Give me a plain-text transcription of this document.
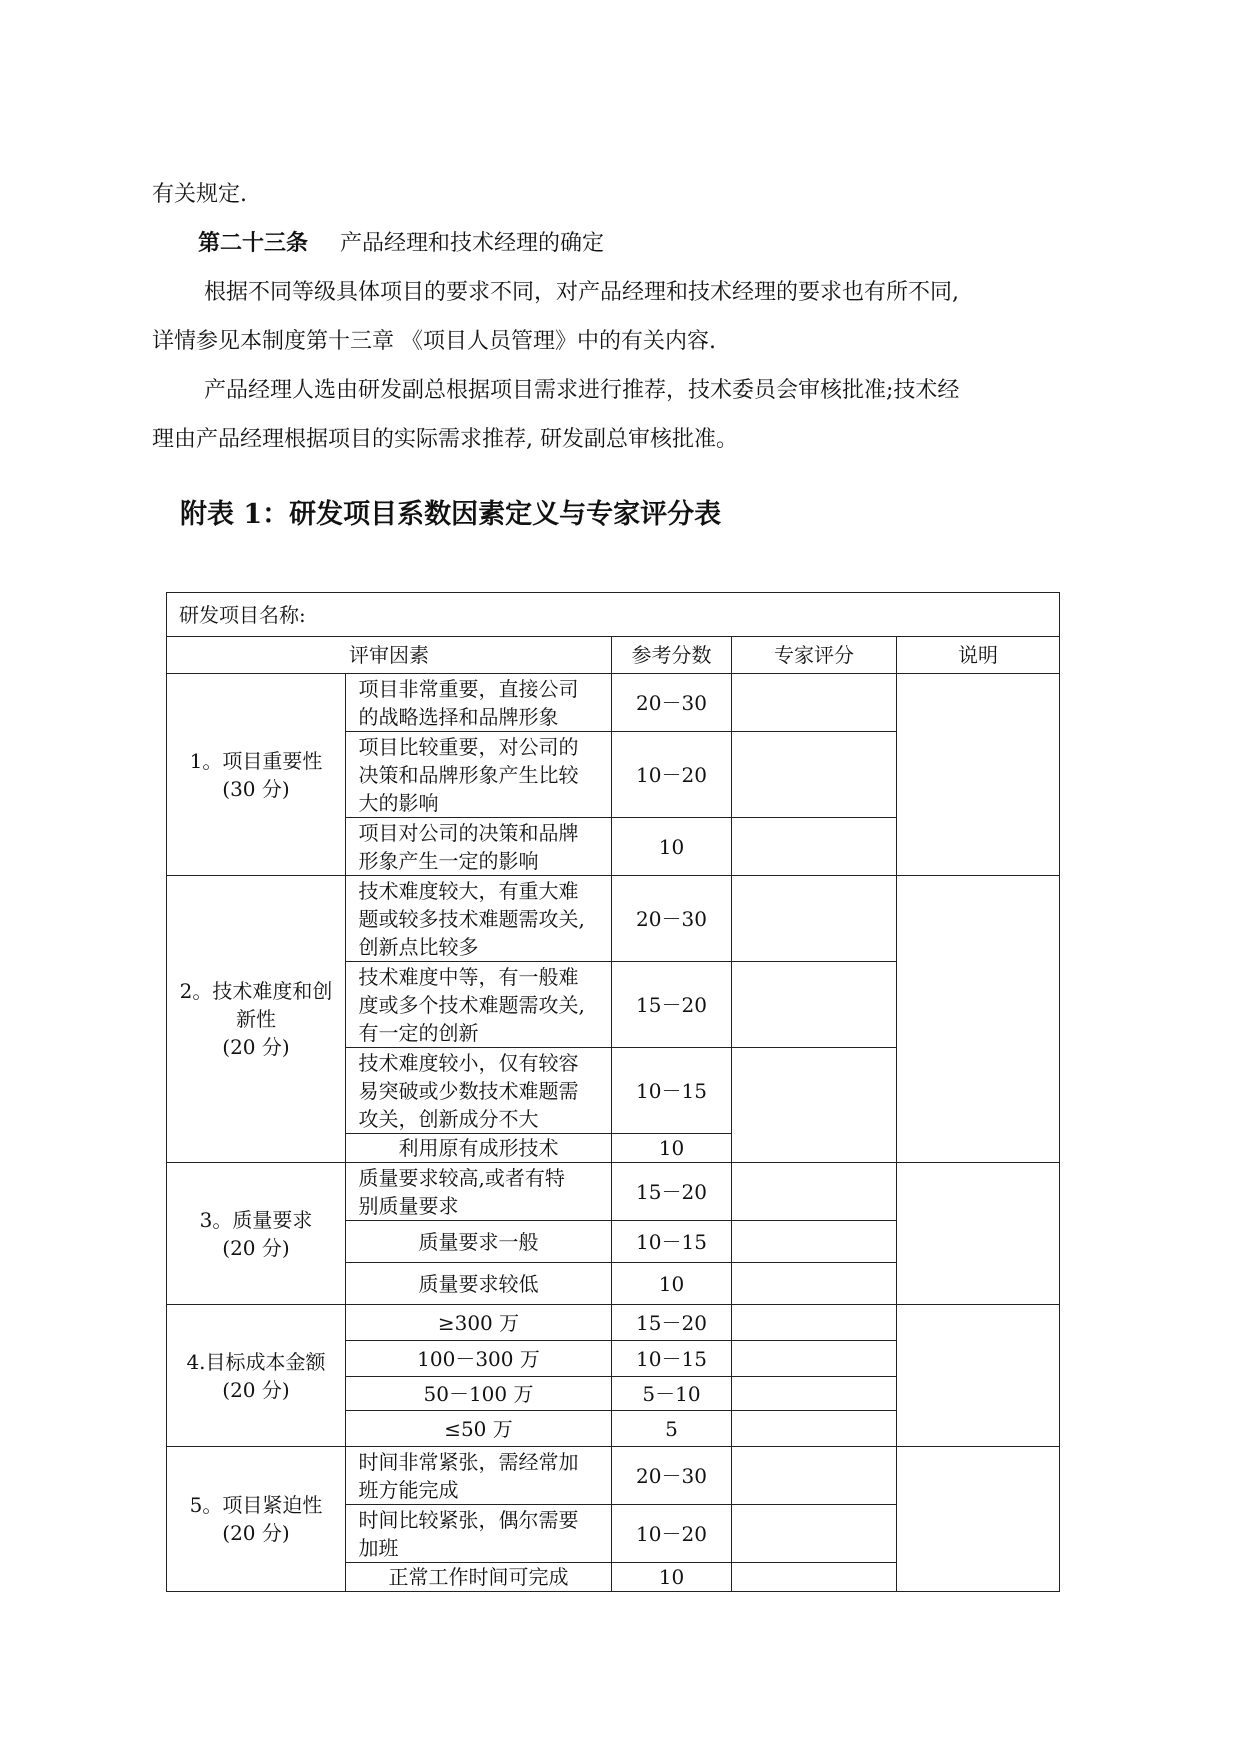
有关规定.
第二十三条 产品经理和技术经理的确定
根据不同等级具体项目的要求不同，对产品经理和技术经理的要求也有所不同,
详情参见本制度第十三章 《项目人员管理》中的有关内容.
产品经理人选由研发副总根据项目需求进行推荐，技术委员会审核批准;技术经
理由产品经理根据项目的实际需求推荐, 研发副总审核批准。
附表 1：研发项目系数因素定义与专家评分表
研发项目名称:				
评审因素		参考分数	专家评分	说明

1。项目重要性
(30 分)	项目非常重要，直接公司
的战略选择和品牌形象	20－30		

	项目比较重要，对公司的
决策和品牌形象产生比较
大的影响	10－20		

	项目对公司的决策和品牌
形象产生一定的影响	10		

2。技术难度和创
新性
(20 分)	技术难度较大，有重大难
题或较多技术难题需攻关,
创新点比较多	20－30		

	技术难度中等，有一般难
度或多个技术难题需攻关,
有一定的创新	15－20		

	技术难度较小，仅有较容
易突破或少数技术难题需
攻关，创新成分不大	10－15		

	利用原有成形技术	10		

3。质量要求
(20 分)	质量要求较高,或者有特
别质量要求	15－20		

	质量要求一般	10－15		

	质量要求较低	10		

4.目标成本金额
(20 分)	≥300 万	15－20		

	100－300 万	10－15		

	50－100 万	5－10		

	≤50 万	5		

5。项目紧迫性
(20 分)	时间非常紧张，需经常加
班方能完成	20－30		

	时间比较紧张，偶尔需要
加班	10－20		

	正常工作时间可完成	10		
